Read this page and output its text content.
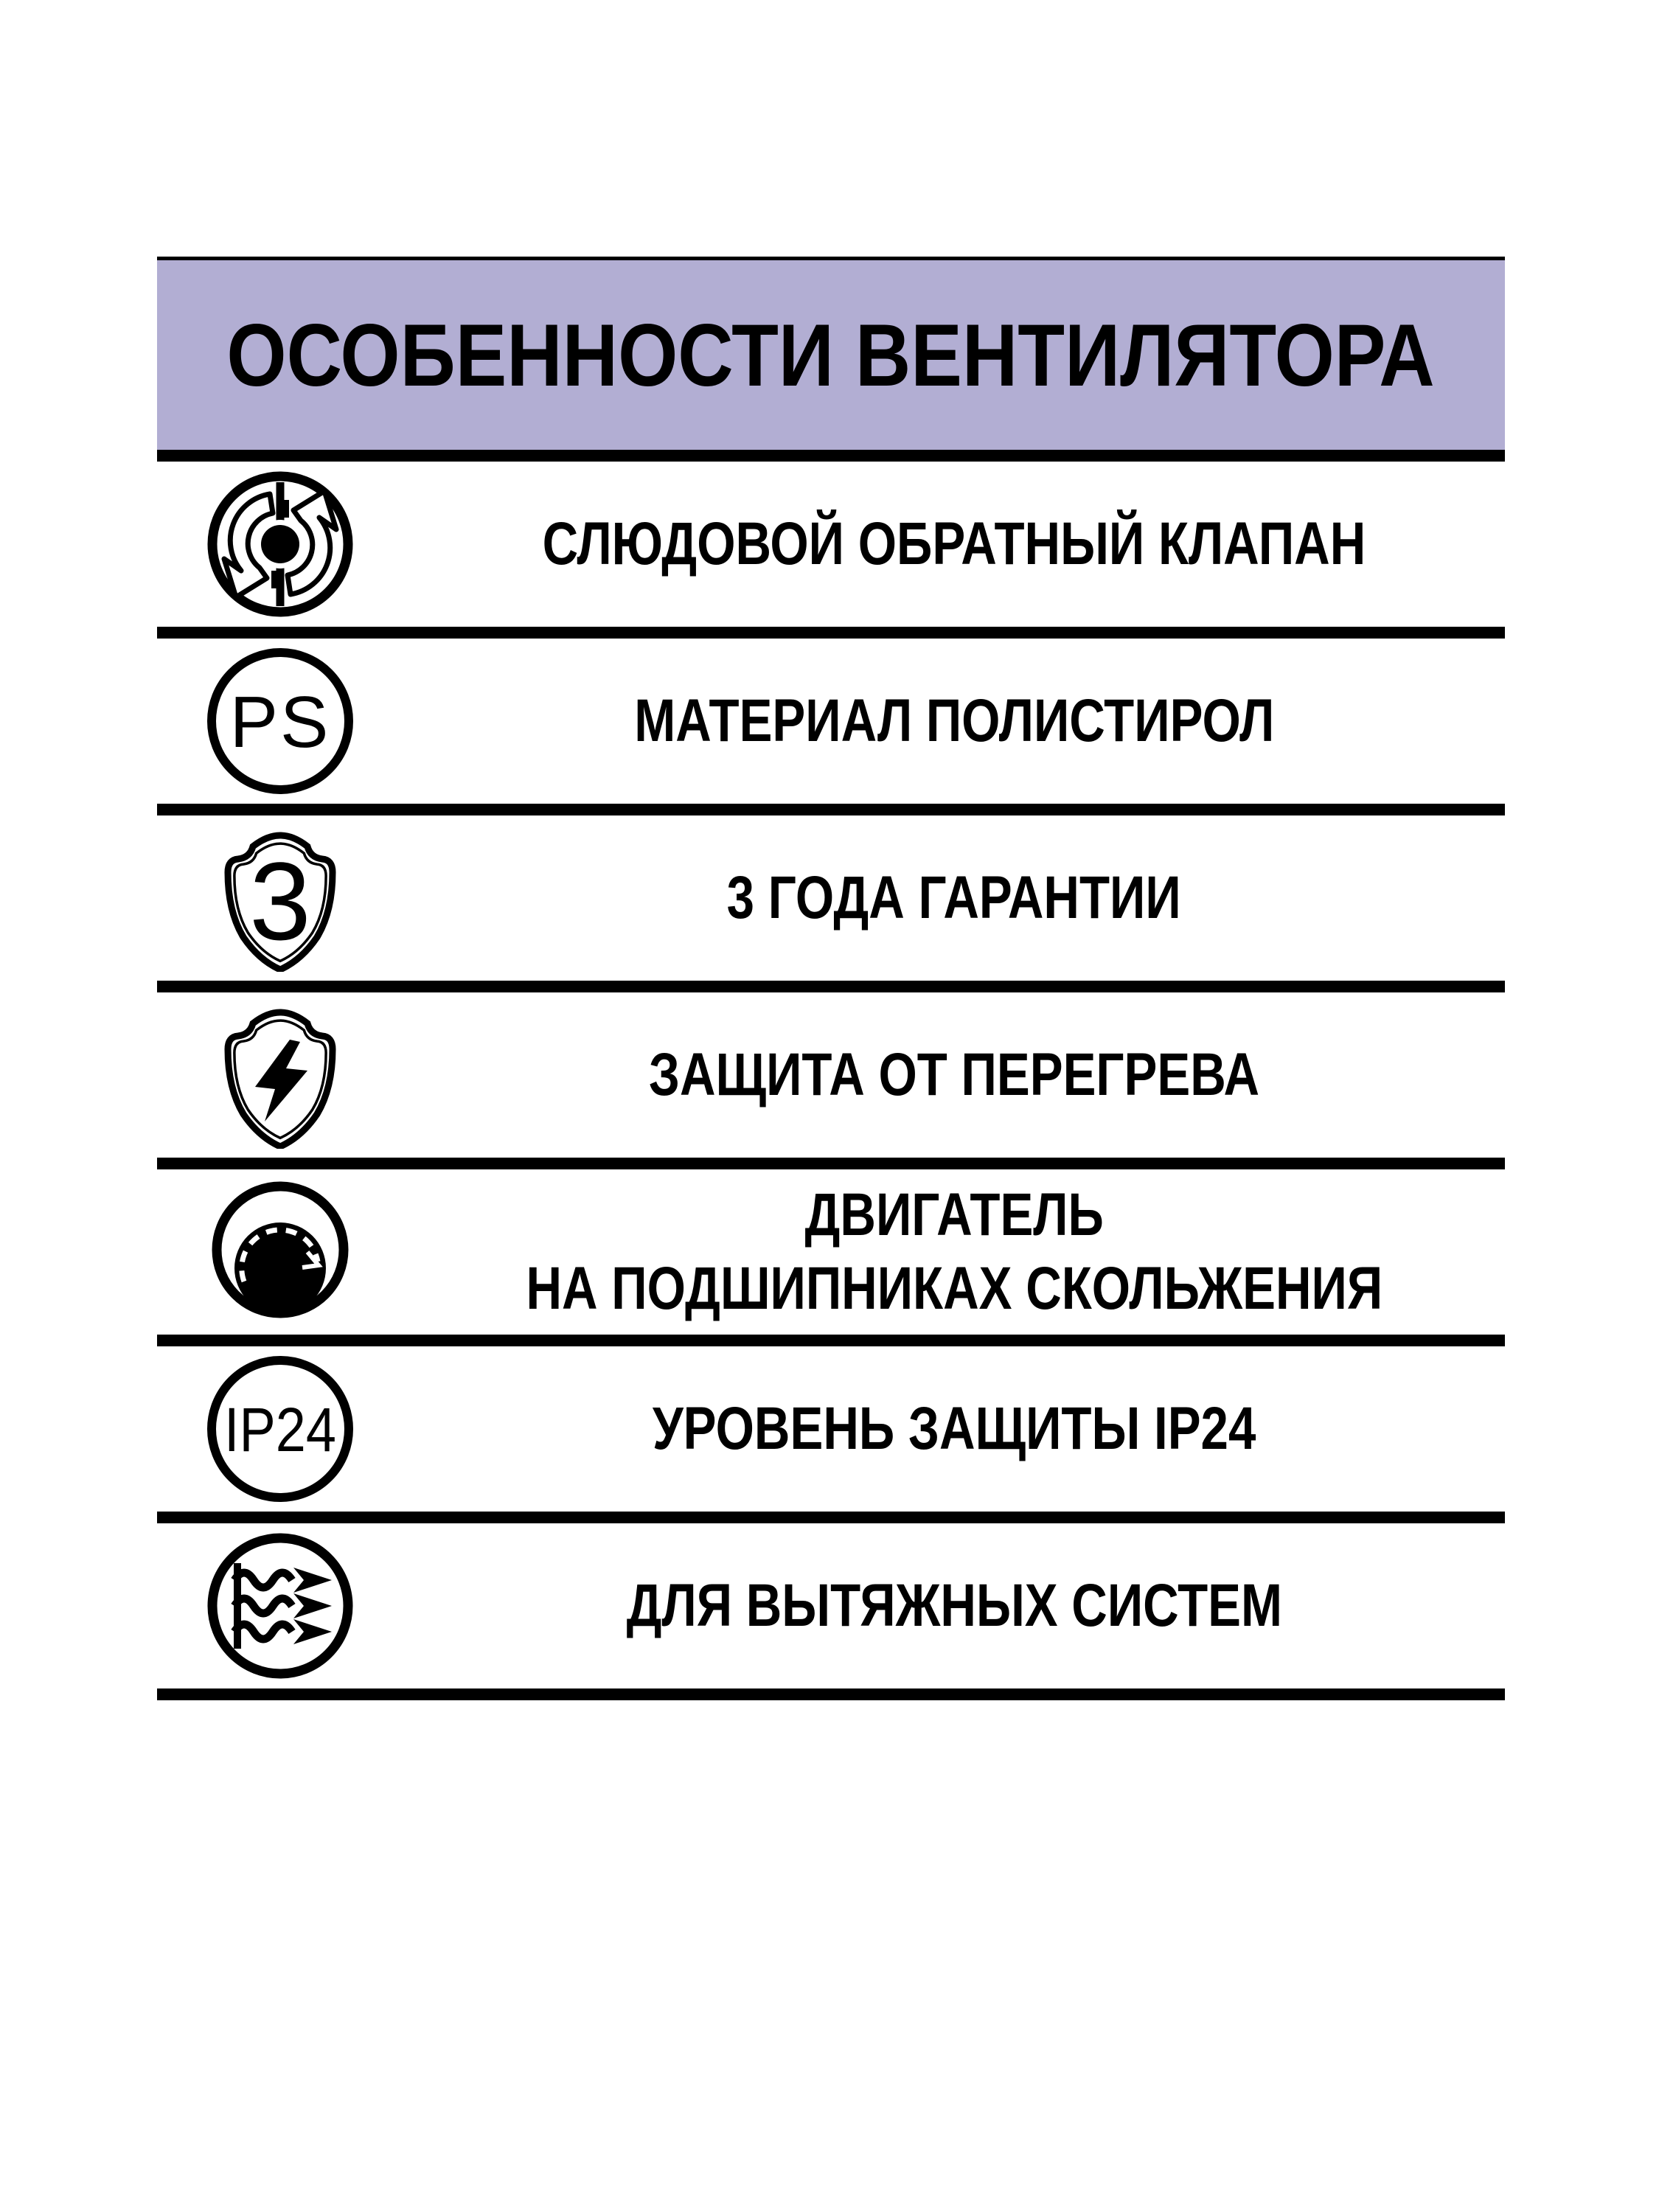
ОСОБЕННОСТИ ВЕНТИЛЯТОРА
СЛЮДОВОЙ ОБРАТНЫЙ КЛАПАН
PS	МАТЕРИАЛ ПОЛИСТИРОЛ
3	3 ГОДА ГАРАНТИИ
ЗАЩИТА ОТ ПЕРЕГРЕВА
ДВИГАТЕЛЬ
НА ПОДШИПНИКАХ СКОЛЬЖЕНИЯ
IP24	УРОВЕНЬ ЗАЩИТЫ IP24
ДЛЯ ВЫТЯЖНЫХ СИСТЕМ
